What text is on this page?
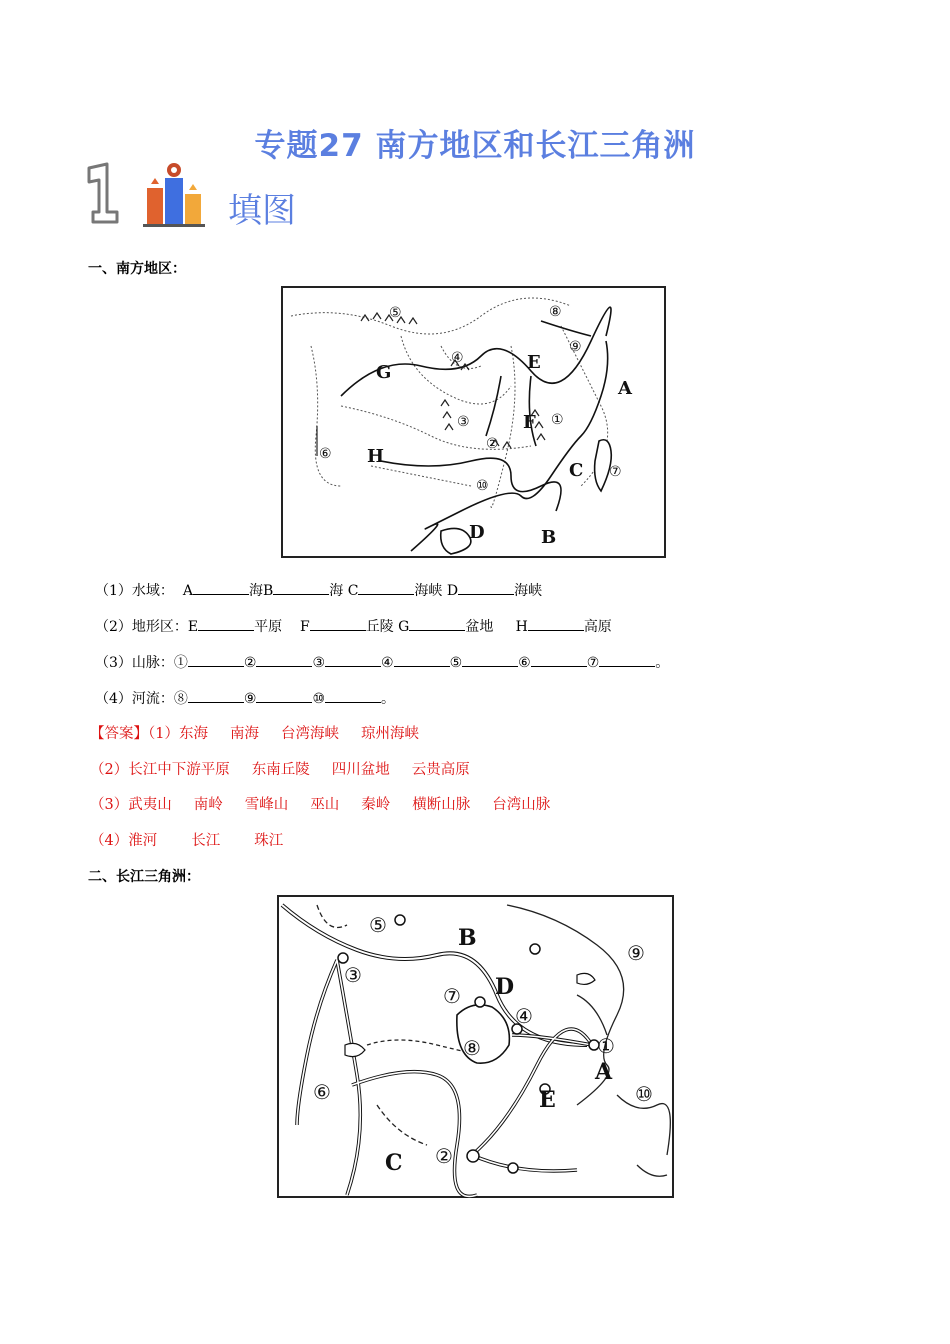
专题27 南方地区和长江三角洲
填图
一、南方地区：
A
B
C
D
E
F
G
H
①
②
③
④
⑤
⑥
⑦
⑧
⑨
⑩
（1）水域： A	海B	海 C	海峡 D	海峡
（2）地形区：E	平原 F	丘陵 G	盆地 H	高原
（3）山脉：①	②	③	④	⑤	⑥	⑦	。
（4）河流：⑧	⑨	⑩	。
【答案】（1）东海 南海 台湾海峡 琼州海峡
（2）长江中下游平原 东南丘陵 四川盆地 云贵高原
（3）武夷山 南岭 雪峰山 巫山 秦岭 横断山脉 台湾山脉
（4）淮河 长江 珠江
二、长江三角洲：
B
D
A
E
C
①
②
③
④
⑤
⑥
⑦
⑧
⑨
⑩
